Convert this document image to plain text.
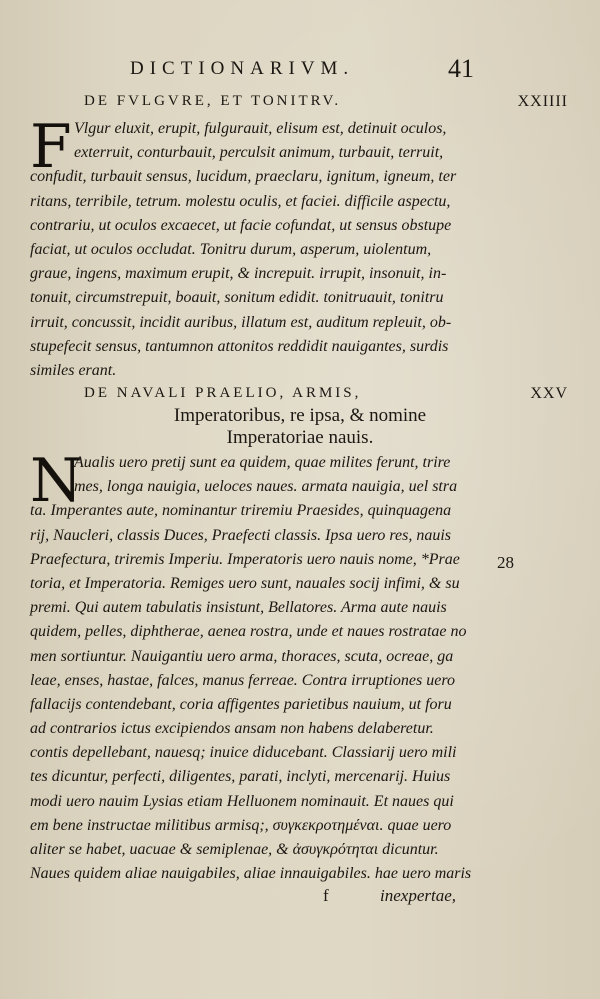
DICTIONARIVM.	41
DE FVLGVRE, ET TONITRV.	XXIIII
F Vlgur eluxit, erupit, fulgurauit, elisum est, detinuit oculos,
exterruit, conturbauit, perculsit animum, turbauit, terruit,
confudit, turbauit sensus, lucidum, praeclaru, ignitum, igneum, ter
ritans, terribile, tetrum. molestu oculis, et faciei. difficile aspectu,
contrariu, ut oculos excaecet, ut facie cofundat, ut sensus obstupe
faciat, ut oculos occludat. Tonitru durum, asperum, uiolentum,
graue, ingens, maximum erupit, & increpuit. irrupit, insonuit, in-
tonuit, circumstrepuit, boauit, sonitum edidit. tonitruauit, tonitru
irruit, concussit, incidit auribus, illatum est, auditum repleuit, ob-
stupefecit sensus, tantumnon attonitos reddidit nauigantes, surdis
similes erant.
DE NAVALI PRAELIO, ARMIS,	XXV
Imperatoribus, re ipsa, & nomine
Imperatoriae nauis.
N
Aualis uero pretij sunt ea quidem, quae milites ferunt, trire
mes, longa nauigia, ueloces naues. armata nauigia, uel stra
ta. Imperantes aute, nominantur triremiu Praesides, quinquagena
rij, Naucleri, classis Duces, Praefecti classis. Ipsa uero res, nauis
Praefectura, triremis Imperiu. Imperatoris uero nauis nome, *Prae
toria, et Imperatoria. Remiges uero sunt, nauales socij infimi, & su
premi. Qui autem tabulatis insistunt, Bellatores. Arma aute nauis
quidem, pelles, diphtherae, aenea rostra, unde et naues rostratae no
men sortiuntur. Nauigantiu uero arma, thoraces, scuta, ocreae, ga
leae, enses, hastae, falces, manus ferreae. Contra irruptiones uero
fallacijs contendebant, coria affigentes parietibus nauium, ut foru
ad contrarios ictus excipiendos ansam non habens delaberetur.
contis depellebant, nauesq; inuice diducebant. Classiarij uero mili
tes dicuntur, perfecti, diligentes, parati, inclyti, mercenarij. Huius
modi uero nauim Lysias etiam Helluonem nominauit. Et naues qui
em bene instructae militibus armisq;, συγκεκροτημέναι. quae uero
aliter se habet, uacuae & semiplenae, & ἀσυγκρότηται dicuntur.
Naues quidem aliae nauigabiles, aliae innauigabiles. hae uero maris
28
f	inexpertae,
